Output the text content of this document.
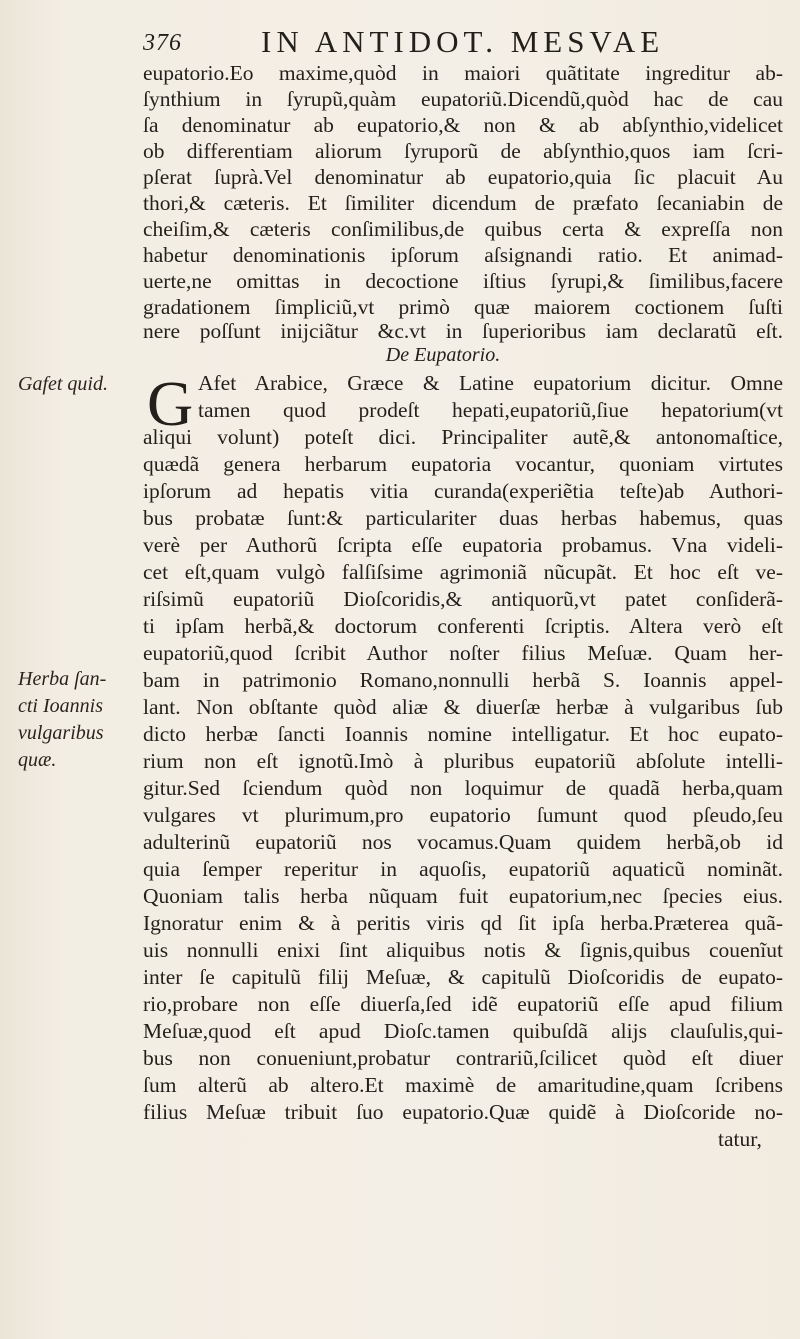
376	IN ANTIDOT. MESVAE
eupatorio.Eo maxime,quòd in maiori quãtitate ingreditur ab-
ſynthium in ſyrupũ,quàm eupatoriũ.Dicendũ,quòd hac de cau
ſa denominatur ab eupatorio,& non & ab abſynthio,videlicet
ob differentiam aliorum ſyruporũ de abſynthio,quos iam ſcri-
pſerat ſuprà.Vel denominatur ab eupatorio,quia ſic placuit Au
thori,& cæteris. Et ſimiliter dicendum de præfato ſecaniabin de
cheiſim,& cæteris conſimilibus,de quibus certa & expreſſa non
habetur denominationis ipſorum aſsignandi ratio. Et animad-
uerte,ne omittas in decoctione iſtius ſyrupi,& ſimilibus,facere
gradationem ſimpliciũ,vt primò quæ maiorem coctionem ſuſti
nere poſſunt inijciãtur &c.vt in ſuperioribus iam declaratũ eſt.
De Eupatorio.
G Afet Arabice, Græce & Latine eupatorium dicitur. Omne
tamen quod prodeſt hepati,eupatoriũ,ſiue hepatorium(vt
aliqui volunt) poteſt dici. Principaliter autẽ,& antonomaſtice,
quædã genera herbarum eupatoria vocantur, quoniam virtutes
ipſorum ad hepatis vitia curanda(experiẽtia teſte)ab Authori-
bus probatæ ſunt:& particulariter duas herbas habemus, quas
verè per Authorũ ſcripta eſſe eupatoria probamus. Vna videli-
cet eſt,quam vulgò falſiſsime agrimoniã nũcupãt. Et hoc eſt ve-
riſsimũ eupatoriũ Dioſcoridis,& antiquorũ,vt patet conſiderã-
ti ipſam herbã,& doctorum conferenti ſcriptis. Altera verò eſt
eupatoriũ,quod ſcribit Author noſter filius Meſuæ. Quam her-
bam in patrimonio Romano,nonnulli herbã S. Ioannis appel-
lant. Non obſtante quòd aliæ & diuerſæ herbæ à vulgaribus ſub
dicto herbæ ſancti Ioannis nomine intelligatur. Et hoc eupato-
rium non eſt ignotũ.Imò à pluribus eupatoriũ abſolute intelli-
gitur.Sed ſciendum quòd non loquimur de quadã herba,quam
vulgares vt plurimum,pro eupatorio ſumunt quod pſeudo,ſeu
adulterinũ eupatoriũ nos vocamus.Quam quidem herbã,ob id
quia ſemper reperitur in aquoſis, eupatoriũ aquaticũ nominãt.
Quoniam talis herba nũquam fuit eupatorium,nec ſpecies eius.
Ignoratur enim & à peritis viris qd ſit ipſa herba.Præterea quã-
uis nonnulli enixi ſint aliquibus notis & ſignis,quibus couenĩut
inter ſe capitulũ filij Meſuæ, & capitulũ Dioſcoridis de eupato-
rio,probare non eſſe diuerſa,ſed idẽ eupatoriũ eſſe apud filium
Meſuæ,quod eſt apud Dioſc.tamen quibuſdã alijs clauſulis,qui-
bus non conueniunt,probatur contrariũ,ſcilicet quòd eſt diuer
ſum alterũ ab altero.Et maximè de amaritudine,quam ſcribens
filius Meſuæ tribuit ſuo eupatorio.Quæ quidẽ à Dioſcoride no-
tatur,
Gafet quid.
Herba ſan-
cti Ioannis
vulgaribus
quæ.
